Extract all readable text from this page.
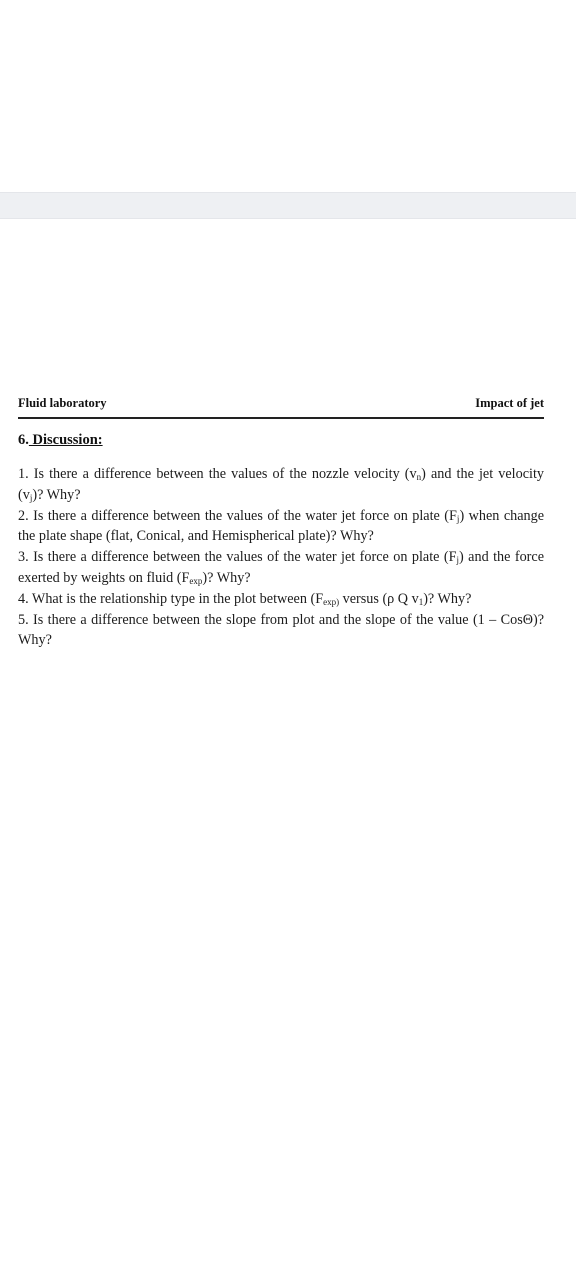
Fluid laboratory	Impact of jet
6. Discussion:

1. Is there a difference between the values of the nozzle velocity $(v_n)$ and the jet velocity $(v_j)$? Why?

2. Is there a difference between the values of the water jet force on plate $(F_j)$ when change the plate shape (flat, Conical, and Hemispherical plate)? Why?

3. Is there a difference between the values of the water jet force on plate $(F_j)$ and the force exerted by weights on fluid $(F_{exp})$? Why?

4. What is the relationship type in the plot between ($F_{exp)}$ versus (ρ Q $v_1$)? Why?

5. Is there a difference between the slope from plot and the slope of the value (1 – CosΘ)? Why?
